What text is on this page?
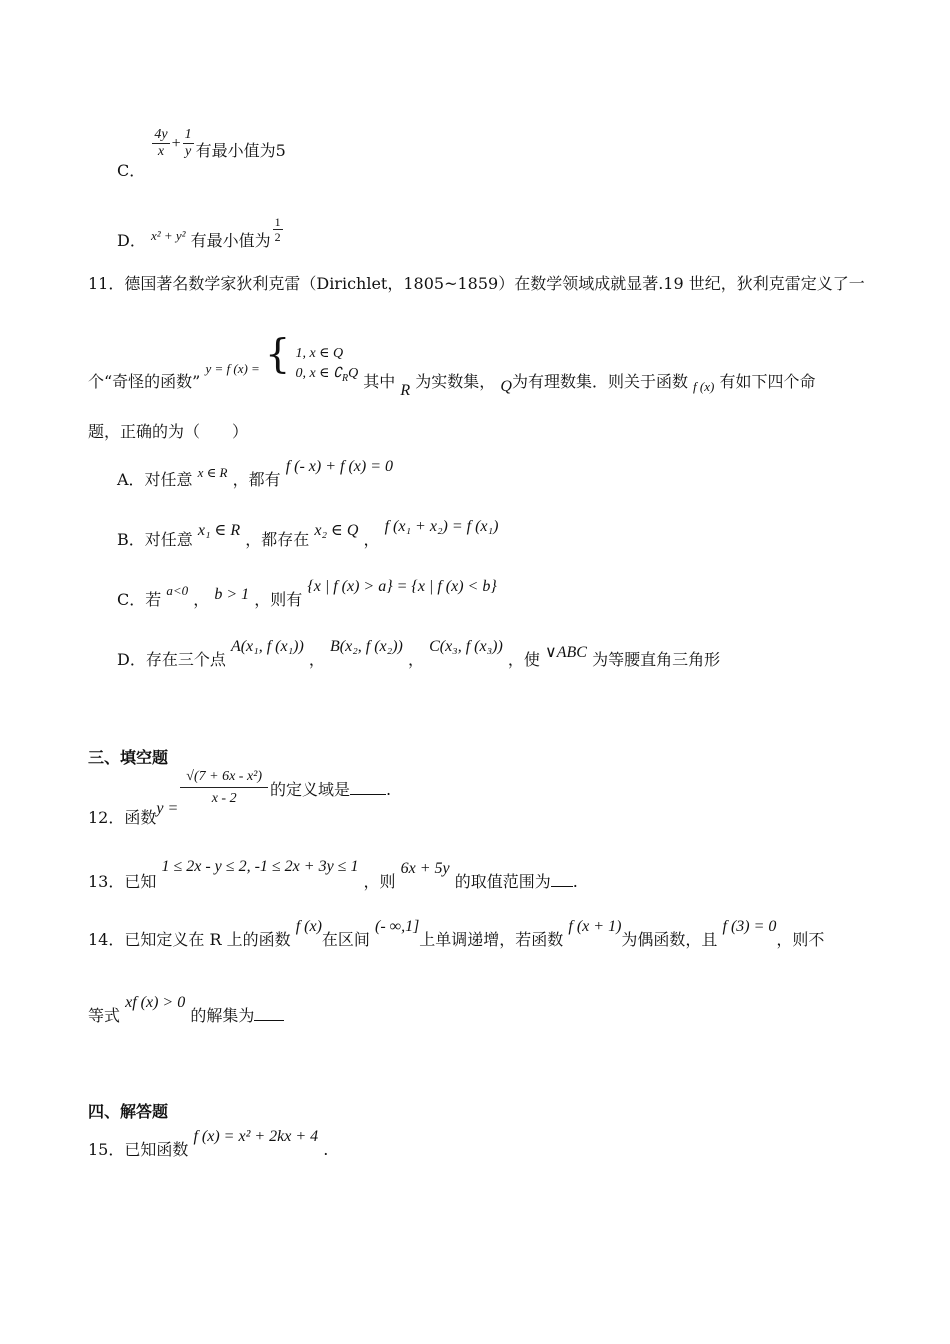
C．
$\frac{4y}{x} + \frac{1}{y}$ 有最小值为5
D． $_{x^2 + y^2}$ 有最小值为 $\frac{1}{2}$
11．德国著名数学家狄利克雷（Dirichlet，1805~1859）在数学领域成就显著.19 世纪，狄利克雷定义了一
个“奇怪的函数” $_{y = f (x) =}$ { 1, x ∈ Q
0, x ∈ $∁_RQ$ 其中 R 为实数集， Q为有理数集．则关于函数 $_{f (x)}$ 有如下四个命
题，正确的为（　　）
A．对任意 $^{x \in R}$ ，都有 f (- x) + f (x) = 0
B．对任意 x₁ ∈ R ，都存在 x₂ ∈ Q ， f (x₁ + x₂) = f (x₁)
C．若 $^{a<0}$ ， b > 1 ，则有 {x | f (x) > a} = {x | f (x) < b}
D．存在三个点 A(x₁, f (x₁)) ， B(x₂, f (x₂)) ， C(x₃, f (x₃)) ，使 ∨ABC 为等腰直角三角形
三、填空题
12．函数y =
$\frac{\text{√(7 + 6x - x²)}}{x - 2}$ 的定义域是 .
13．已知 1 ≤ 2x - y ≤ 2, -1 ≤ 2x + 3y ≤ 1 ，则 6x + 5y 的取值范围为 .
14．已知定义在 R 上的函数 f (x)在区间 (- ∞,1]上单调递增，若函数 f (x + 1)为偶函数，且 f (3) = 0，则不
等式 xf (x) > 0 的解集为
四、解答题
15．已知函数 f (x) = x² + 2kx + 4 .
